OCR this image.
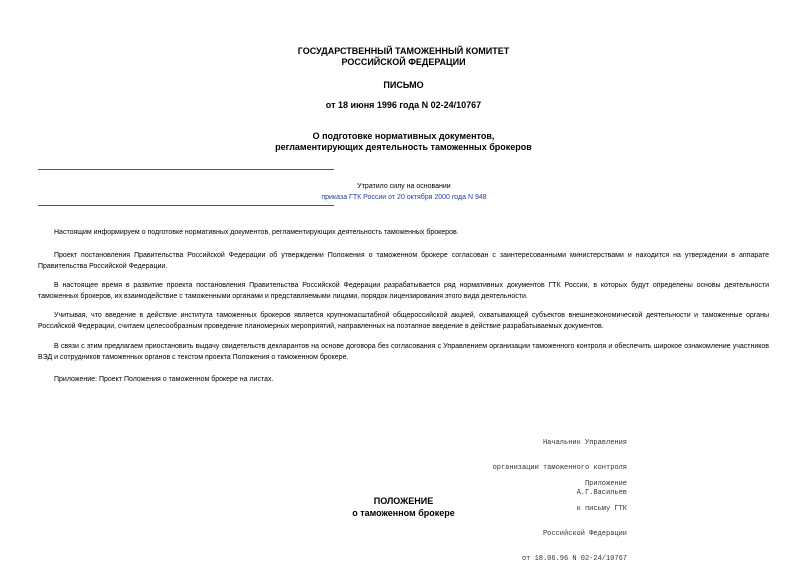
ГОСУДАРСТВЕННЫЙ ТАМОЖЕННЫЙ КОМИТЕТ
РОССИЙСКОЙ ФЕДЕРАЦИИ
ПИСЬМО
от 18 июня 1996 года N 02-24/10767
О подготовке нормативных документов,
регламентирующих деятельность таможенных брокеров
Утратило силу на основании
приказа ГТК России от 20 октября 2000 года N 948
Настоящим информируем о подготовке нормативных документов, регламентирующих деятельность таможенных брокеров.
Проект постановления Правительства Российской Федерации об утверждении Положения о таможенном брокере согласован с заинтересованными министерствами и находится на утверждении в аппарате Правительства Российской Федерации.
В настоящее время в развитие проекта постановления Правительства Российской Федерации разрабатывается ряд нормативных документов ГТК России, в которых будут определены основы деятельности таможенных брокеров, их взаимодействие с таможенными органами и представляемыми лицами, порядок лицензирования этого вида деятельности.
Учитывая, что введение в действие института таможенных брокеров является крупномасштабной общероссийской акцией, охватывающей субъектов внешнеэкономической деятельности и таможенные органы Российской Федерации, считаем целесообразным проведение планомерных мероприятий, направленных на поэтапное введение в действие разрабатываемых документов.
В связи с этим предлагаем приостановить выдачу свидетельств декларантов на основе договора без согласования с Управлением организации таможенного контроля и обеспечить широкое ознакомление участников ВЭД и сотрудников таможенных органов с текстом проекта Положения о таможенном брокере.
Приложение: Проект Положения о таможенном брокере на листах.

Начальник Управления

организации таможенного контроля

А.Г.Васильев

Приложение

к письму ГТК

Российской Федерации

от 18.06.96 N 02-24/10767

ПОЛОЖЕНИЕ
о таможенном брокере
